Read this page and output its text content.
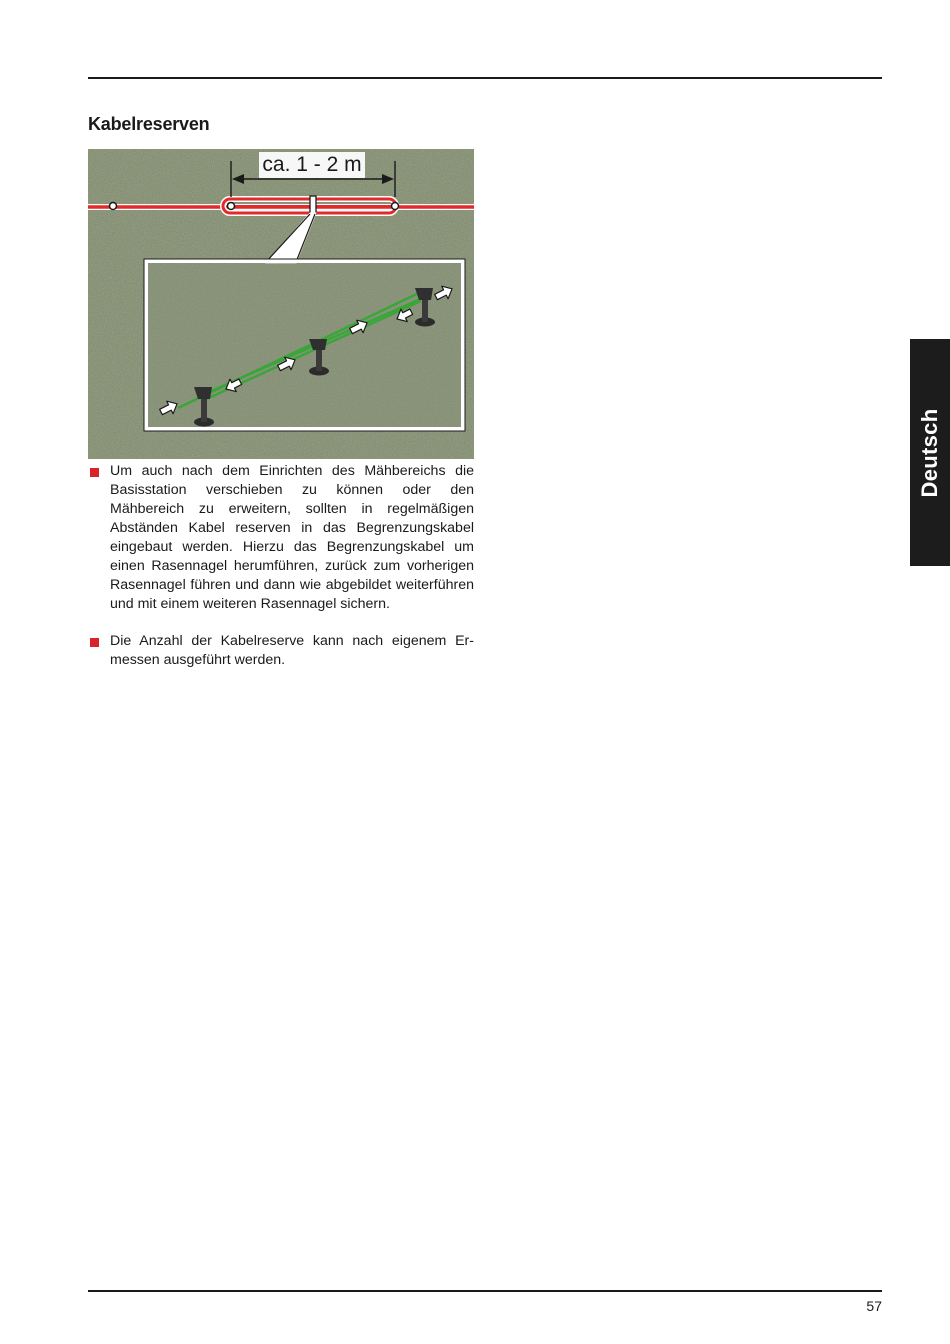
Kabelreserven
ca. 1 - 2 m
Um auch nach dem Einrichten des Mähbereichs die Basisstation verschieben zu können oder den Mähbereich zu erweitern, sollten in regelmäßigen Abständen Kabel reserven in das Begrenzungskabel eingebaut werden. Hierzu das Begrenzungskabel um einen Rasennagel herumführen, zurück zum vorherigen Rasennagel führen und dann wie abgebildet weiterführen und mit einem weiteren Rasennagel sichern.
Die Anzahl der Kabelreserve kann nach eigenem Er-messen ausgeführt werden.
Deutsch
57
